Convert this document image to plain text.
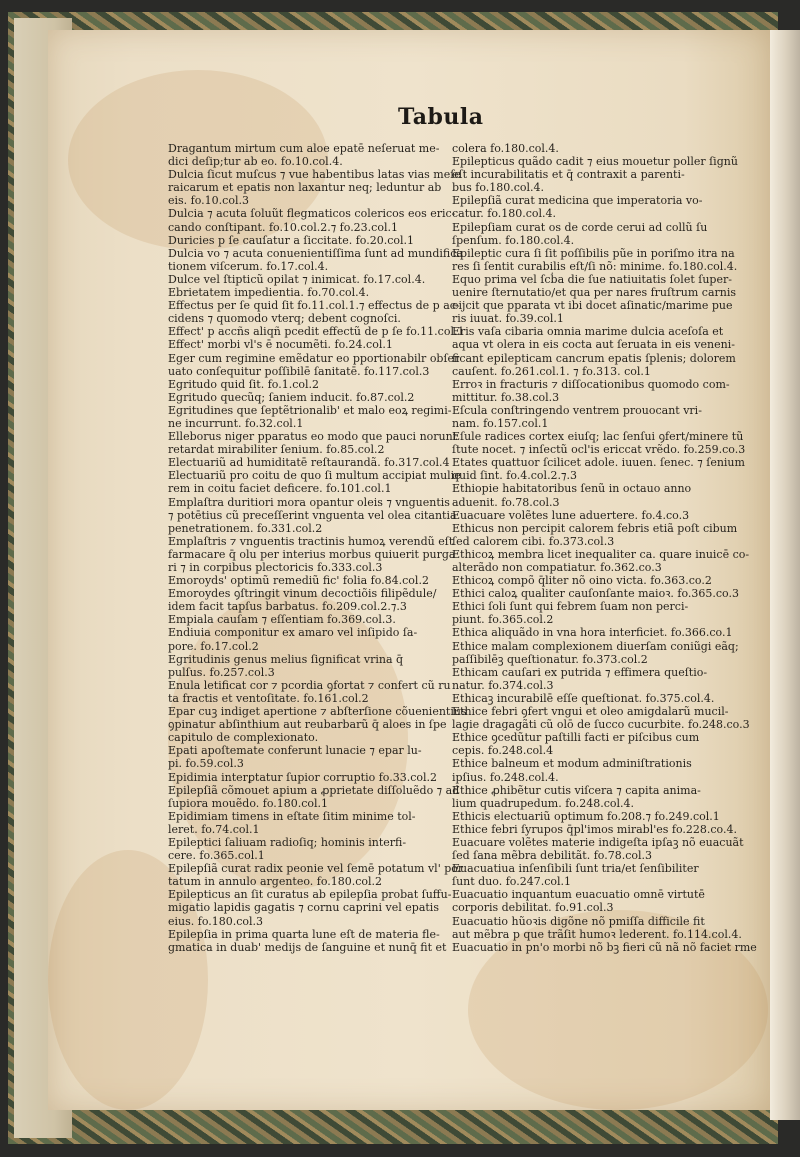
Tabula
Dragantum mirtum cum aloe epatē neſeruat me-
dici deſip;tur ab eo. fo.10.col.4.
Dulcia ſicut muſcus ⁊ vue habentibus latas vias meſe
raicarum et epatis non laxantur neq; leduntur ab
eis. fo.10.col.3
Dulcia ⁊ acuta ſoluũt flegmaticos colericos eos eric-
cando conſtipant. fo.10.col.2.⁊ fo.23.col.1
Duricies p ſe cauſatur a ſiccitate. fo.20.col.1
Dulcia vo ⁊ acuta conuenientiſſima ſunt ad mundifica
tionem viſcerum. fo.17.col.4.
Dulce vel ſtipticũ opilat ⁊ inimicat. fo.17.col.4.
Ebrietatem impedientia. fo.70.col.4.
Effectus per ſe quid ſit fo.11.col.1.⁊ effectus de p ac-
cidens ⁊ quomodo vterq; debent cognoſci.
Effect' p accñs aliqñ pcedit effectũ de p ſe fo.11.col.1
Effect' morbi vl's ē nocumẽti. fo.24.col.1
Eger cum regimine emẽdatur eo pportionabilr obſer
uato conſequitur poſſibilē ſanitatē. fo.117.col.3
Egritudo quid ſit. fo.1.col.2
Egritudo quecũq; ſaniem inducit. fo.87.col.2
Egritudines que ſeptẽtrionalib' et malo eoꝝ regimi-
ne incurrunt. fo.32.col.1
Elleborus niger pparatus eo modo que pauci norunt
retardat mirabiliter ſenium. fo.85.col.2
Electuariũ ad humiditatē reſtaurandã. fo.317.col.4
Electuariũ pro coitu de quo ſi multum accipiat mulie
rem in coitu faciet deficere. fo.101.col.1
Emplaſtra duritiori mora opantur oleis ⁊ vnguentis
⁊ potētius cũ preceſſerint vnguenta vel olea citantia
penetrationem. fo.331.col.2
Emplaſtris ⁊ vnguentis tractinis humoꝝ verendũ eſt
farmacare q̄ olu per interius morbus quiuerit purga
ri ⁊ in corpibus plectoricis fo.333.col.3
Emoroyds' optimũ remediũ fic' folia fo.84.col.2
Emoroydes ꝯſtringit vinum decoctiõis filipẽdule/
idem facit tapſus barbatus. fo.209.col.2.⁊.3
Empiala cauſam ⁊ eſſentiam fo.369.col.3.
Endiuia componitur ex amaro vel inſipido ſa-
pore. fo.17.col.2
Egritudinis genus melius ſignificat vrina q̄
pulſus. fo.257.col.3
Enula letificat cor ⁊ pcordia ꝯfortat ⁊ confert cũ ru
ta fractis et ventoſitate. fo.161.col.2
Epar cuꝫ indiget apertione ⁊ abſterſione cõuenientius
ꝯpinatur abſinthium aut reubarbarũ q̄ aloes in ſpe
capitulo de complexionato.
Epati apoſtemate conferunt lunacie ⁊ epar lu-
pi. fo.59.col.3
Epidimia interꝑtatur ſupior corruptio fo.33.col.2
Epilepſiã cõmouet apium a ꝓprietate diſſoluẽdo ⁊ ad
ſupiora mouẽdo. fo.180.col.1
Epidimiam timens in eſtate ſitim minime tol-
leret. fo.74.col.1
Epileptici ſaliuam radioſiq; hominis interfi-
cere. fo.365.col.1
Epilepſiã curat radix peonie vel ſemē potatum vl' por
tatum in annulo argenteo. fo.180.col.2
Epilepticus an ſit curatus ab epilepſia probat ſuffu-
migatio lapidis gagatis ⁊ cornu caprini vel epatis
eius. fo.180.col.3
Epilepſia in prima quarta lune eſt de materia fle-
gmatica in duab' medijs de ſanguine et nunq̄ fit et
colera fo.180.col.4.
Epilepticus quãdo cadit ⁊ eius mouetur poller ſignũ
eſt incurabilitatis et q̄ contraxit a parenti-
bus fo.180.col.4.
Epilepſiã curat medicina que imperatoria vo-
catur. fo.180.col.4.
Epilepſiam curat os de corde cerui ad collũ ſu
ſpenſum. fo.180.col.4.
Epileptic cura ſi ſit poſſibilis pũe in poriſmo itra na
res ſi ſentit curabilis eſt/ſi nõ: minime. fo.180.col.4.
Equo prima vel ſcḃa die ſue natiuitatis ſolet ſuper-
uenire ſternutatio/et qua per nares fruſtrum carnis
eijcit que pparata vt ibi docet aſinatic/marime pue
ris iuuat. fo.39.col.1
Eris vaſa cibaria omnia marime dulcia aceſoſa et
aqua vt olera in eis cocta aut ſeruata in eis veneni-
ficant epilepticam cancrum epatis ſplenis; dolorem
cauſent. fo.261.col.1. ⁊ fo.313. col.1
Erroꝛ in fracturis ⁊ diſſocationibus quomodo com-
mittitur. fo.38.col.3
Eſcula conſtringendo ventrem prouocant vri-
nam. fo.157.col.1
Eſule radices cortex eiuſq; lac ſenſui ꝯfert/minere tũ
ſtute nocet. ⁊ inſectũ ocl'is ericcat vrẽdo. fo.259.co.3
Etates quattuor ſcilicet adole. iuuen. ſenec. ⁊ ſenium
quid ſint. fo.4.col.2.⁊.3
Ethiopie habitatoribus ſenũ in octauo anno
aduenit. fo.78.col.3
Euacuare volẽtes lune aduertere. fo.4.co.3
Ethicus non percipit calorem febris etiã poſt cibum
ſed calorem cibi. fo.373.col.3
Ethicoꝝ membra licet inequaliter ca. quare inuicē co-
alterãdo non compatiatur. fo.362.co.3
Ethicoꝝ compõ q̄liter nõ oino victa. fo.363.co.2
Ethici caloꝝ qualiter cauſonſante maioꝛ. fo.365.co.3
Ethici ſoli ſunt qui febrem ſuam non perci-
piunt. fo.365.col.2
Ethica aliquãdo in vna hora interficiet. fo.366.co.1
Ethice malam complexionem diuerſam coniũgi eãq;
paſſibilēꝫ queſtionatur. fo.373.col.2
Ethicam cauſari ex putrida ⁊ effimera queſtio-
natur. fo.374.col.3
Ethicaꝫ incurabilē eſſe queſtionat. fo.375.col.4.
Ethice febri ꝯfert vngui et oleo amigdalarũ mucil-
lagie dragagãti cũ olō de ſucco cucurbite. fo.248.co.3
Ethice ꝯcedũtur paſtilli facti er piſcibus cum
cepis. fo.248.col.4
Ethice balneum et modum adminiſtrationis
ipſius. fo.248.col.4.
Ethice ꝓhibẽtur cutis viſcera ⁊ capita anima-
lium quadrupedum. fo.248.col.4.
Ethicis electuariũ optimum fo.208.⁊ fo.249.col.1
Ethice febri ſyrupos q̄pl'imos mirabl'es fo.228.co.4.
Euacuare volẽtes materie indigeſta ipſaꝫ nõ euacuãt
ſed ſana mẽbra debilitãt. fo.78.col.3
Euacuatiua inſenſibili ſunt tria/et ſenſibiliter
ſunt duo. fo.247.col.1
Euacuatio inquantum euacuatio omnē virtutē
corporis debilitat. fo.91.col.3
Euacuatio hũoꝛis digõne nõ pmiſſa difficile fit
aut mẽbra p que trãſit humoꝛ lederent. fo.114.col.4.
Euacuatio in pn'o morbi nõ bꝫ fieri cũ nã nõ faciet rme
